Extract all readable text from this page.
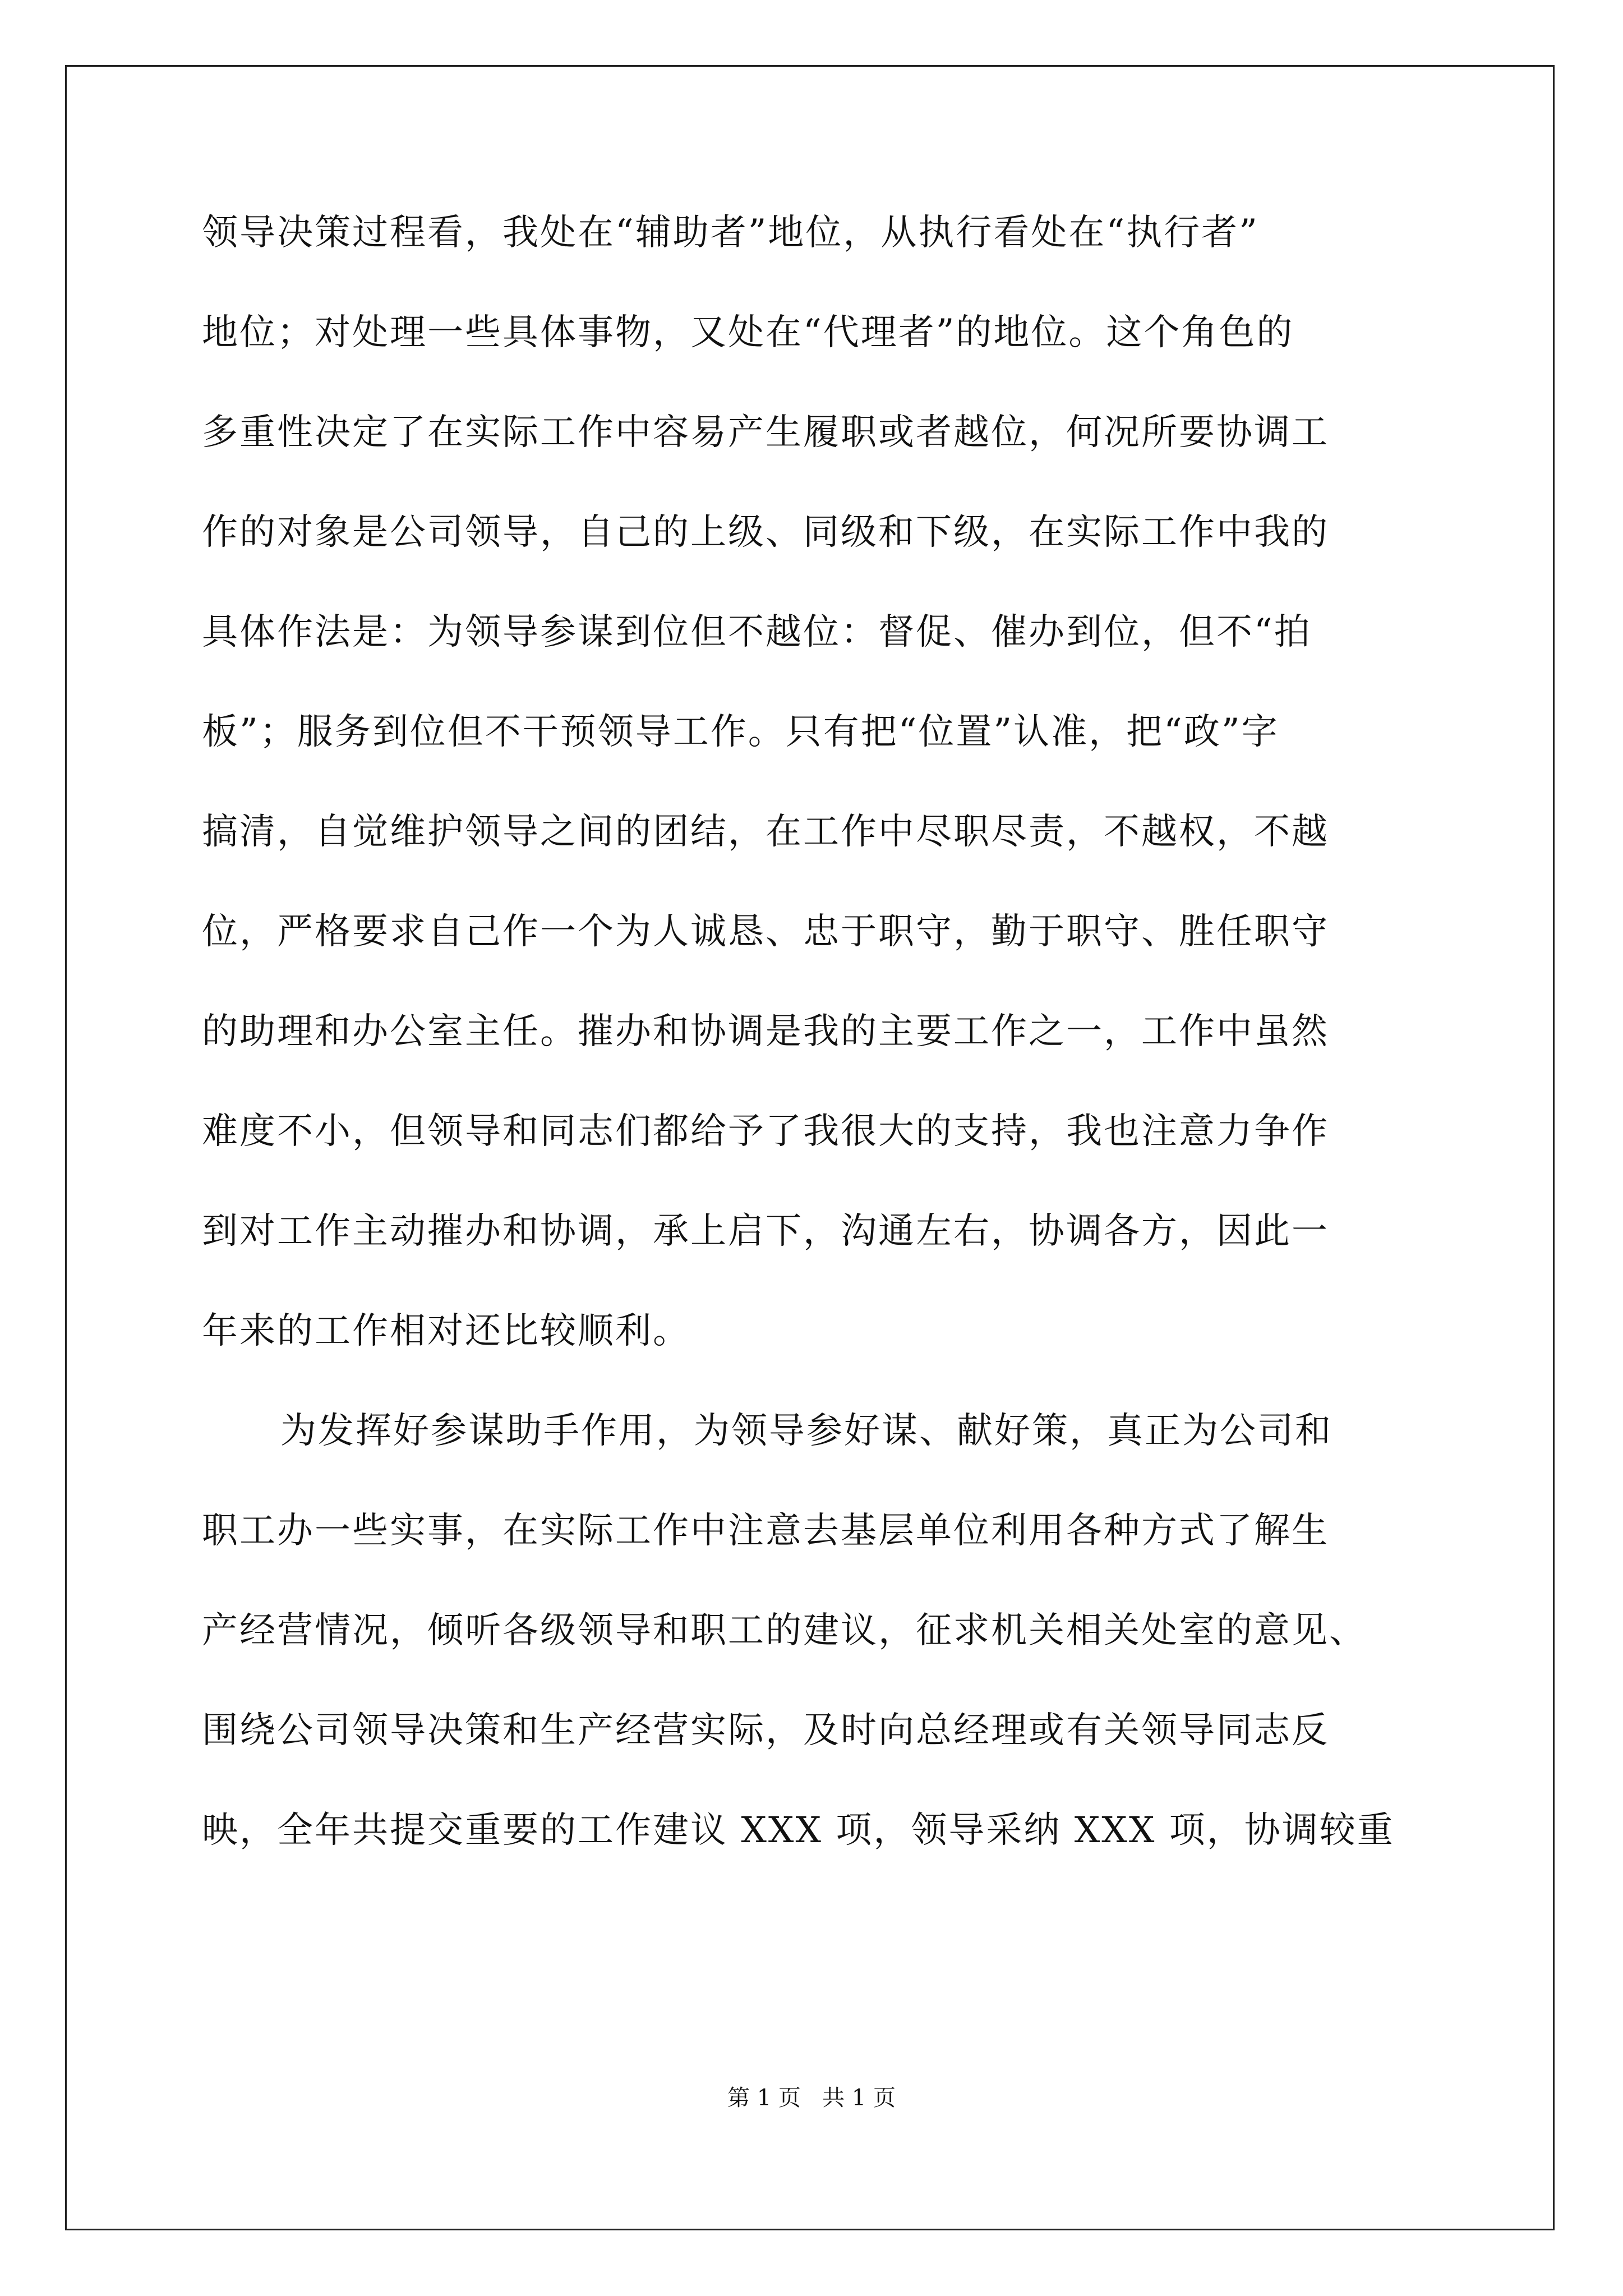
领导决策过程看，我处在“辅助者”地位，从执行看处在“执行者”
地位；对处理一些具体事物，又处在“代理者”的地位。这个角色的
多重性决定了在实际工作中容易产生履职或者越位，何况所要协调工
作的对象是公司领导，自己的上级、同级和下级，在实际工作中我的
具体作法是：为领导参谋到位但不越位：督促、催办到位，但不“拍
板”；服务到位但不干预领导工作。只有把“位置”认准，把“政”字
搞清，自觉维护领导之间的团结，在工作中尽职尽责，不越权，不越
位，严格要求自己作一个为人诚恳、忠于职守，勤于职守、胜任职守
的助理和办公室主任。摧办和协调是我的主要工作之一，工作中虽然
难度不小，但领导和同志们都给予了我很大的支持，我也注意力争作
到对工作主动摧办和协调，承上启下，沟通左右，协调各方，因此一
年来的工作相对还比较顺利。
为发挥好参谋助手作用，为领导参好谋、献好策，真正为公司和
职工办一些实事，在实际工作中注意去基层单位利用各种方式了解生
产经营情况，倾听各级领导和职工的建议，征求机关相关处室的意见、
围绕公司领导决策和生产经营实际，及时向总经理或有关领导同志反
映，全年共提交重要的工作建议 XXX 项，领导采纳 XXX 项，协调较重
第 1 页   共 1 页
